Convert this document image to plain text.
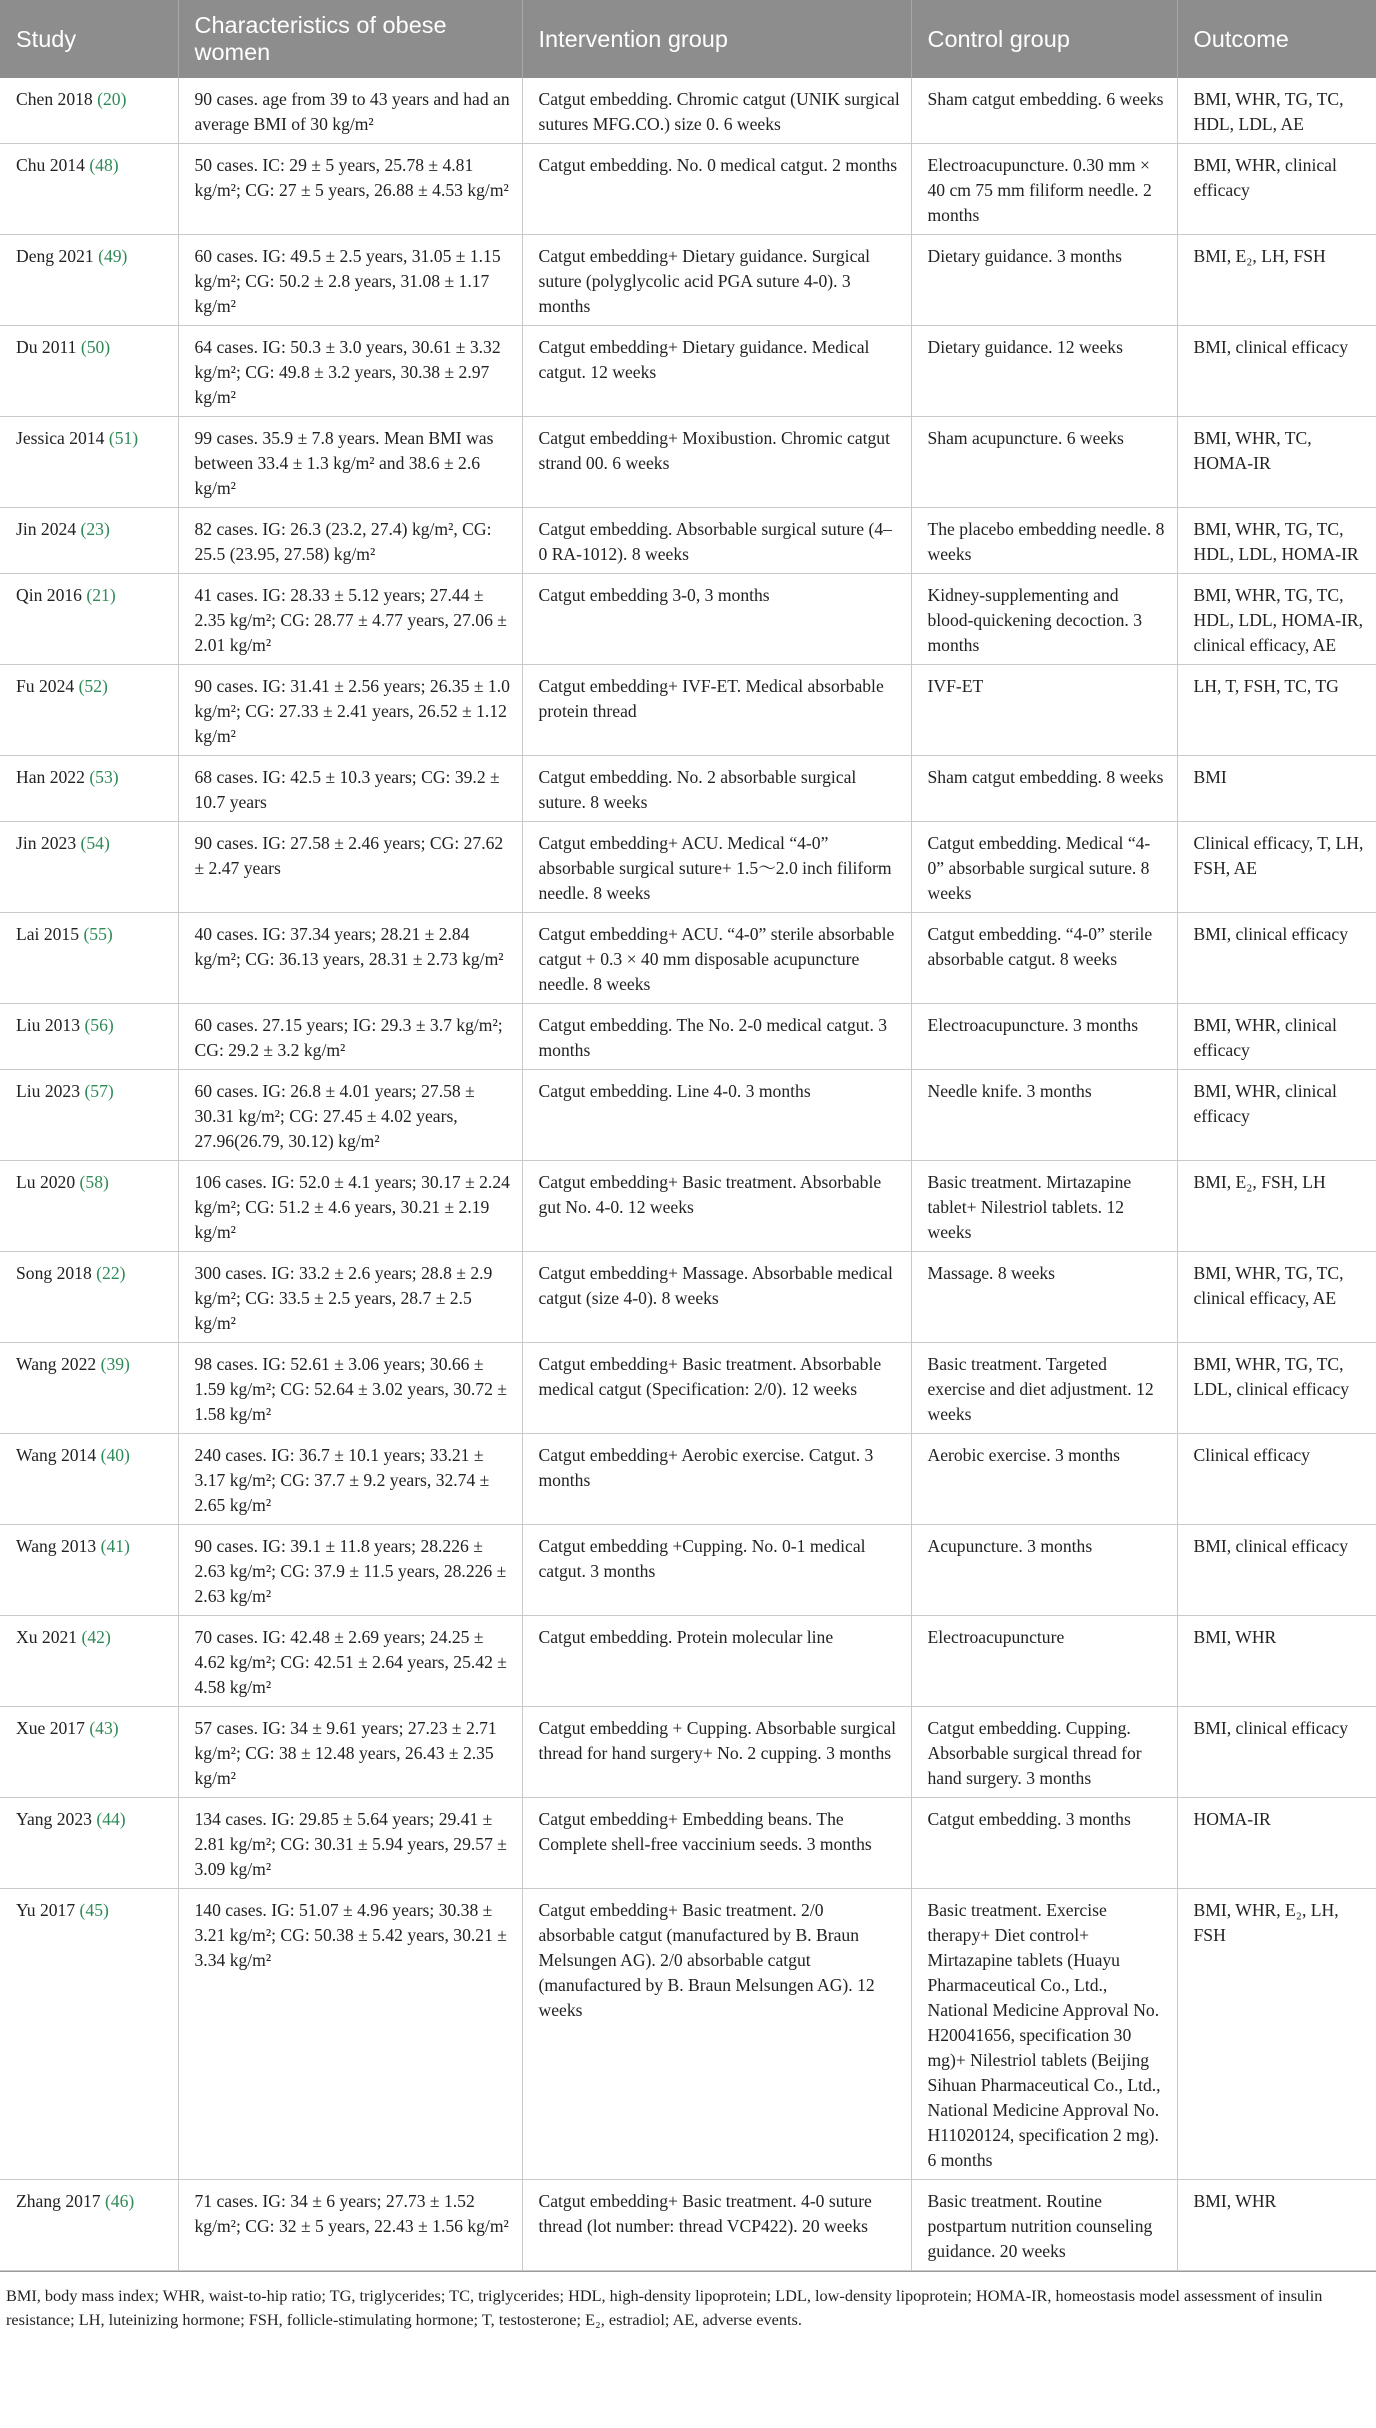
Study	Characteristics of obese women	Intervention group	Control group	Outcome
Chen 2018 (20)	90 cases. age from 39 to 43 years and had an average BMI of 30 kg/m²	Catgut embedding. Chromic catgut (UNIK surgical sutures MFG.CO.) size 0. 6 weeks	Sham catgut embedding. 6 weeks	BMI, WHR, TG, TC, HDL, LDL, AE
Chu 2014 (48)	50 cases. IC: 29 ± 5 years, 25.78 ± 4.81 kg/m²; CG: 27 ± 5 years, 26.88 ± 4.53 kg/m²	Catgut embedding. No. 0 medical catgut. 2 months	Electroacupuncture. 0.30 mm × 40 cm 75 mm filiform needle. 2 months	BMI, WHR, clinical efficacy
Deng 2021 (49)	60 cases. IG: 49.5 ± 2.5 years, 31.05 ± 1.15 kg/m²; CG: 50.2 ± 2.8 years, 31.08 ± 1.17 kg/m²	Catgut embedding+ Dietary guidance. Surgical suture (polyglycolic acid PGA suture 4-0). 3 months	Dietary guidance. 3 months	BMI, E₂, LH, FSH
Du 2011 (50)	64 cases. IG: 50.3 ± 3.0 years, 30.61 ± 3.32 kg/m²; CG: 49.8 ± 3.2 years, 30.38 ± 2.97 kg/m²	Catgut embedding+ Dietary guidance. Medical catgut. 12 weeks	Dietary guidance. 12 weeks	BMI, clinical efficacy
Jessica 2014 (51)	99 cases. 35.9 ± 7.8 years. Mean BMI was between 33.4 ± 1.3 kg/m² and 38.6 ± 2.6 kg/m²	Catgut embedding+ Moxibustion. Chromic catgut strand 00. 6 weeks	Sham acupuncture. 6 weeks	BMI, WHR, TC, HOMA-IR
Jin 2024 (23)	82 cases. IG: 26.3 (23.2, 27.4) kg/m², CG: 25.5 (23.95, 27.58) kg/m²	Catgut embedding. Absorbable surgical suture (4–0 RA-1012). 8 weeks	The placebo embedding needle. 8 weeks	BMI, WHR, TG, TC, HDL, LDL, HOMA-IR
Qin 2016 (21)	41 cases. IG: 28.33 ± 5.12 years; 27.44 ± 2.35 kg/m²; CG: 28.77 ± 4.77 years, 27.06 ± 2.01 kg/m²	Catgut embedding 3-0, 3 months	Kidney-supplementing and blood-quickening decoction. 3 months	BMI, WHR, TG, TC, HDL, LDL, HOMA-IR, clinical efficacy, AE
Fu 2024 (52)	90 cases. IG: 31.41 ± 2.56 years; 26.35 ± 1.0 kg/m²; CG: 27.33 ± 2.41 years, 26.52 ± 1.12 kg/m²	Catgut embedding+ IVF-ET. Medical absorbable protein thread	IVF-ET	LH, T, FSH, TC, TG
Han 2022 (53)	68 cases. IG: 42.5 ± 10.3 years; CG: 39.2 ± 10.7 years	Catgut embedding. No. 2 absorbable surgical suture. 8 weeks	Sham catgut embedding. 8 weeks	BMI
Jin 2023 (54)	90 cases. IG: 27.58 ± 2.46 years; CG: 27.62 ± 2.47 years	Catgut embedding+ ACU. Medical “4-0” absorbable surgical suture+ 1.5～2.0 inch filiform needle. 8 weeks	Catgut embedding. Medical “4-0” absorbable surgical suture. 8 weeks	Clinical efficacy, T, LH, FSH, AE
Lai 2015 (55)	40 cases. IG: 37.34 years; 28.21 ± 2.84 kg/m²; CG: 36.13 years, 28.31 ± 2.73 kg/m²	Catgut embedding+ ACU. “4-0” sterile absorbable catgut + 0.3 × 40 mm disposable acupuncture needle. 8 weeks	Catgut embedding. “4-0” sterile absorbable catgut. 8 weeks	BMI, clinical efficacy
Liu 2013 (56)	60 cases. 27.15 years; IG: 29.3 ± 3.7 kg/m²; CG: 29.2 ± 3.2 kg/m²	Catgut embedding. The No. 2-0 medical catgut. 3 months	Electroacupuncture. 3 months	BMI, WHR, clinical efficacy
Liu 2023 (57)	60 cases. IG: 26.8 ± 4.01 years; 27.58 ± 30.31 kg/m²; CG: 27.45 ± 4.02 years, 27.96(26.79, 30.12) kg/m²	Catgut embedding. Line 4-0. 3 months	Needle knife. 3 months	BMI, WHR, clinical efficacy
Lu 2020 (58)	106 cases. IG: 52.0 ± 4.1 years; 30.17 ± 2.24 kg/m²; CG: 51.2 ± 4.6 years, 30.21 ± 2.19 kg/m²	Catgut embedding+ Basic treatment. Absorbable gut No. 4-0. 12 weeks	Basic treatment. Mirtazapine tablet+ Nilestriol tablets. 12 weeks	BMI, E₂, FSH, LH
Song 2018 (22)	300 cases. IG: 33.2 ± 2.6 years; 28.8 ± 2.9 kg/m²; CG: 33.5 ± 2.5 years, 28.7 ± 2.5 kg/m²	Catgut embedding+ Massage. Absorbable medical catgut (size 4-0). 8 weeks	Massage. 8 weeks	BMI, WHR, TG, TC, clinical efficacy, AE
Wang 2022 (39)	98 cases. IG: 52.61 ± 3.06 years; 30.66 ± 1.59 kg/m²; CG: 52.64 ± 3.02 years, 30.72 ± 1.58 kg/m²	Catgut embedding+ Basic treatment. Absorbable medical catgut (Specification: 2/0). 12 weeks	Basic treatment. Targeted exercise and diet adjustment. 12 weeks	BMI, WHR, TG, TC, LDL, clinical efficacy
Wang 2014 (40)	240 cases. IG: 36.7 ± 10.1 years; 33.21 ± 3.17 kg/m²; CG: 37.7 ± 9.2 years, 32.74 ± 2.65 kg/m²	Catgut embedding+ Aerobic exercise. Catgut. 3 months	Aerobic exercise. 3 months	Clinical efficacy
Wang 2013 (41)	90 cases. IG: 39.1 ± 11.8 years; 28.226 ± 2.63 kg/m²; CG: 37.9 ± 11.5 years, 28.226 ± 2.63 kg/m²	Catgut embedding +Cupping. No. 0-1 medical catgut. 3 months	Acupuncture. 3 months	BMI, clinical efficacy
Xu 2021 (42)	70 cases. IG: 42.48 ± 2.69 years; 24.25 ± 4.62 kg/m²; CG: 42.51 ± 2.64 years, 25.42 ± 4.58 kg/m²	Catgut embedding. Protein molecular line	Electroacupuncture	BMI, WHR
Xue 2017 (43)	57 cases. IG: 34 ± 9.61 years; 27.23 ± 2.71 kg/m²; CG: 38 ± 12.48 years, 26.43 ± 2.35 kg/m²	Catgut embedding + Cupping. Absorbable surgical thread for hand surgery+ No. 2 cupping. 3 months	Catgut embedding. Cupping. Absorbable surgical thread for hand surgery. 3 months	BMI, clinical efficacy
Yang 2023 (44)	134 cases. IG: 29.85 ± 5.64 years; 29.41 ± 2.81 kg/m²; CG: 30.31 ± 5.94 years, 29.57 ± 3.09 kg/m²	Catgut embedding+ Embedding beans. The Complete shell-free vaccinium seeds. 3 months	Catgut embedding. 3 months	HOMA-IR
Yu 2017 (45)	140 cases. IG: 51.07 ± 4.96 years; 30.38 ± 3.21 kg/m²; CG: 50.38 ± 5.42 years, 30.21 ± 3.34 kg/m²	Catgut embedding+ Basic treatment. 2/0 absorbable catgut (manufactured by B. Braun Melsungen AG). 2/0 absorbable catgut (manufactured by B. Braun Melsungen AG). 12 weeks	Basic treatment. Exercise therapy+ Diet control+ Mirtazapine tablets (Huayu Pharmaceutical Co., Ltd., National Medicine Approval No. H20041656, specification 30 mg)+ Nilestriol tablets (Beijing Sihuan Pharmaceutical Co., Ltd., National Medicine Approval No. H11020124, specification 2 mg). 6 months	BMI, WHR, E₂, LH, FSH
Zhang 2017 (46)	71 cases. IG: 34 ± 6 years; 27.73 ± 1.52 kg/m²; CG: 32 ± 5 years, 22.43 ± 1.56 kg/m²	Catgut embedding+ Basic treatment. 4-0 suture thread (lot number: thread VCP422). 20 weeks	Basic treatment. Routine postpartum nutrition counseling guidance. 20 weeks	BMI, WHR
BMI, body mass index; WHR, waist-to-hip ratio; TG, triglycerides; TC, triglycerides; HDL, high-density lipoprotein; LDL, low-density lipoprotein; HOMA-IR, homeostasis model assessment of insulin resistance; LH, luteinizing hormone; FSH, follicle-stimulating hormone; T, testosterone; E₂, estradiol; AE, adverse events.
